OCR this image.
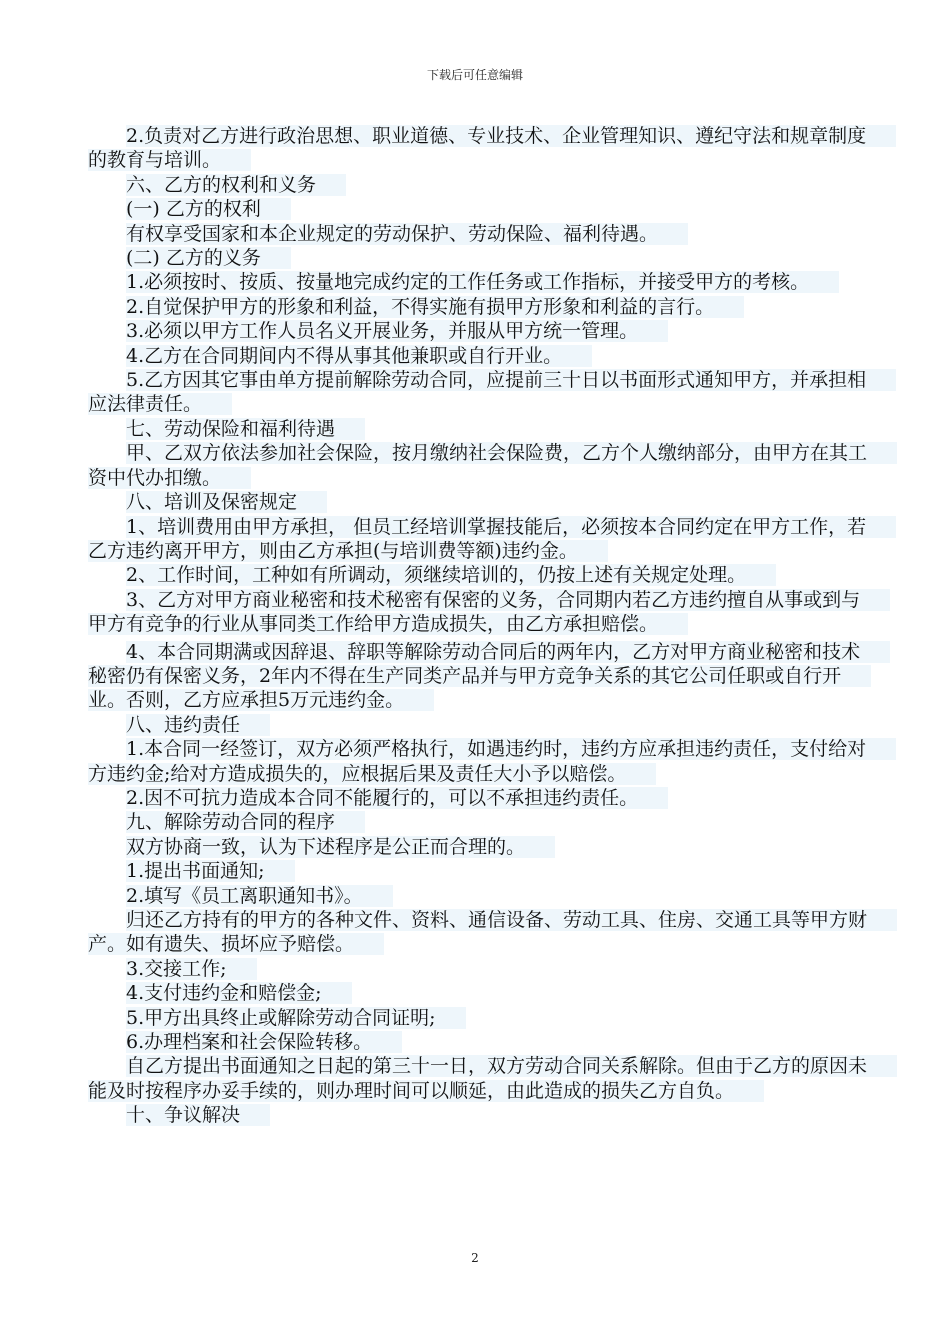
下载后可任意编辑

2.负责对乙方进行政治思想、职业道德、专业技术、企业管理知识、遵纪守法和规章制度的教育与培训。

六、乙方的权利和义务

(一) 乙方的权利

有权享受国家和本企业规定的劳动保护、劳动保险、福利待遇。

(二) 乙方的义务

1.必须按时、按质、按量地完成约定的工作任务或工作指标，并接受甲方的考核。

2.自觉保护甲方的形象和利益，不得实施有损甲方形象和利益的言行。

3.必须以甲方工作人员名义开展业务，并服从甲方统一管理。

4.乙方在合同期间内不得从事其他兼职或自行开业。

5.乙方因其它事由单方提前解除劳动合同，应提前三十日以书面形式通知甲方，并承担相应法律责任。

七、劳动保险和福利待遇

甲、乙双方依法参加社会保险，按月缴纳社会保险费，乙方个人缴纳部分，由甲方在其工资中代办扣缴。

八、培训及保密规定

1、培训费用由甲方承担， 但员工经培训掌握技能后，必须按本合同约定在甲方工作，若乙方违约离开甲方，则由乙方承担(与培训费等额)违约金。

2、工作时间，工种如有所调动，须继续培训的，仍按上述有关规定处理。

3、乙方对甲方商业秘密和技术秘密有保密的义务，合同期内若乙方违约擅自从事或到与甲方有竞争的行业从事同类工作给甲方造成损失，由乙方承担赔偿。

4、本合同期满或因辞退、辞职等解除劳动合同后的两年内，乙方对甲方商业秘密和技术秘密仍有保密义务，2年内不得在生产同类产品并与甲方竞争关系的其它公司任职或自行开业。否则，乙方应承担5万元违约金。

八、违约责任

1.本合同一经签订，双方必须严格执行，如遇违约时，违约方应承担违约责任，支付给对方违约金;给对方造成损失的，应根据后果及责任大小予以赔偿。

2.因不可抗力造成本合同不能履行的，可以不承担违约责任。

九、解除劳动合同的程序

双方协商一致，认为下述程序是公正而合理的。

1.提出书面通知;

2.填写《员工离职通知书》。

归还乙方持有的甲方的各种文件、资料、通信设备、劳动工具、住房、交通工具等甲方财产。如有遗失、损坏应予赔偿。

3.交接工作;

4.支付违约金和赔偿金;

5.甲方出具终止或解除劳动合同证明;

6.办理档案和社会保险转移。

自乙方提出书面通知之日起的第三十一日，双方劳动合同关系解除。但由于乙方的原因未能及时按程序办妥手续的，则办理时间可以顺延，由此造成的损失乙方自负。

十、争议解决

2
